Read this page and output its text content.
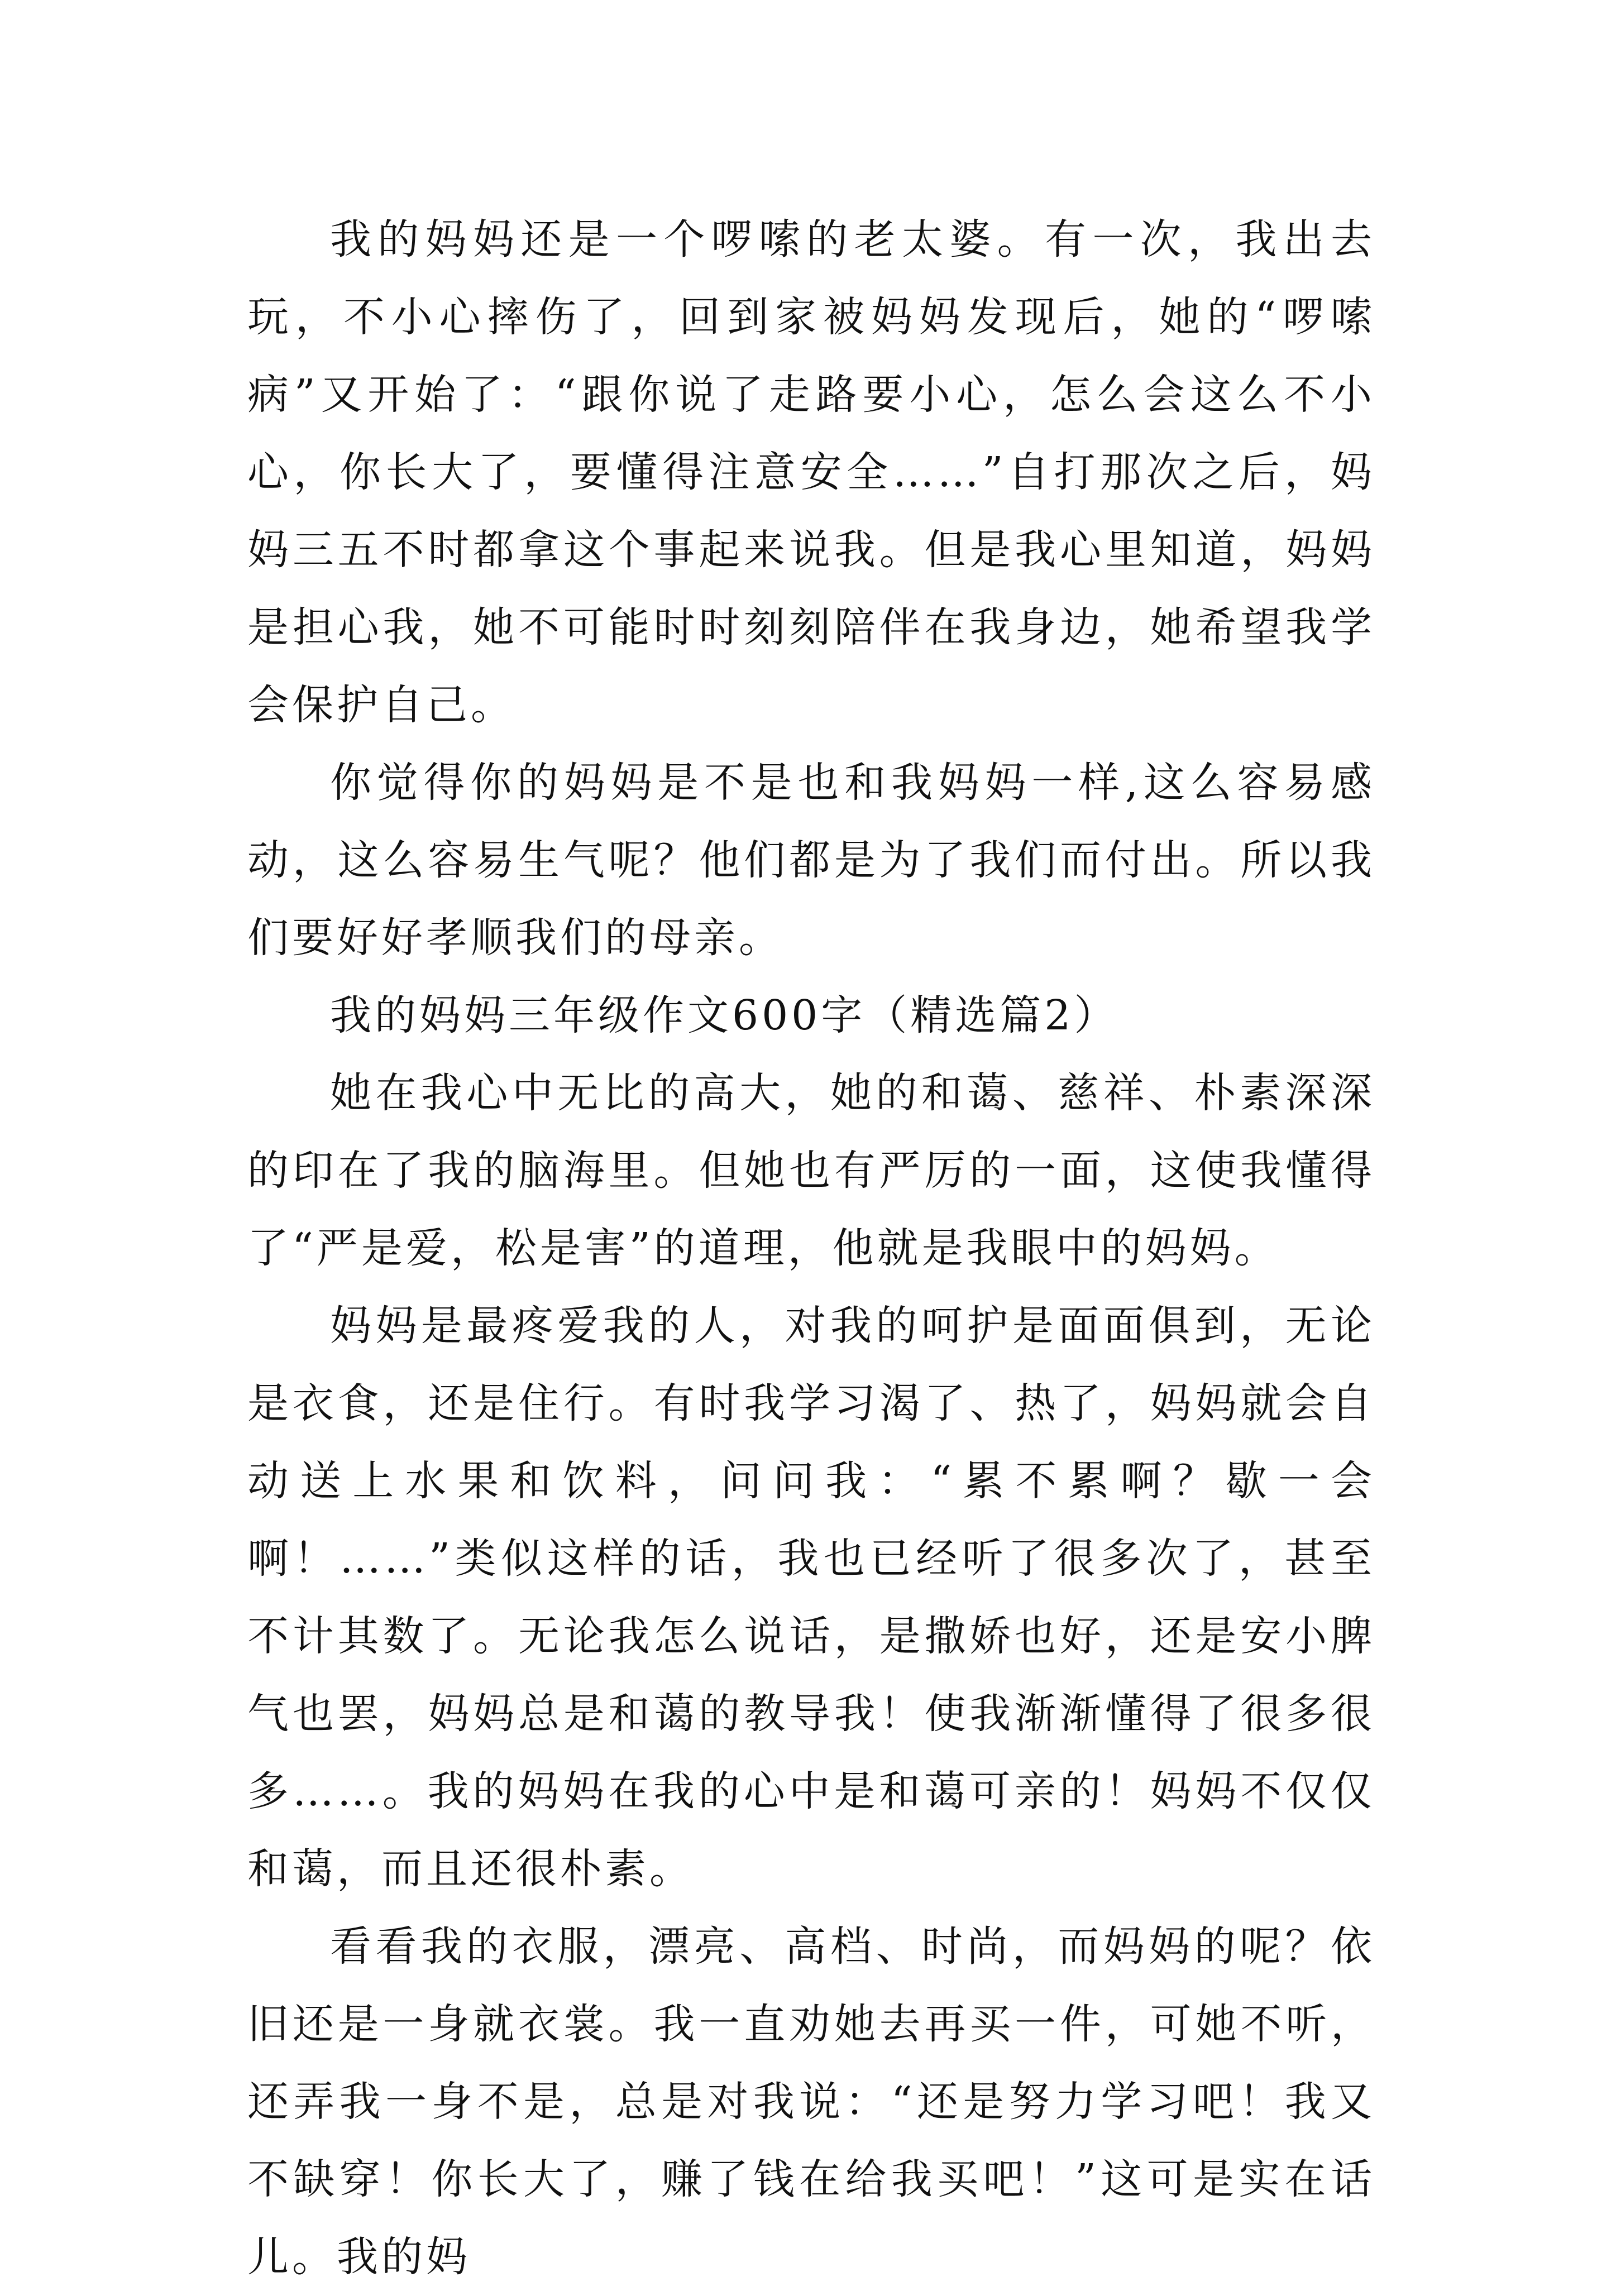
我的妈妈还是一个啰嗦的老太婆。有一次，我出去玩，不小心摔伤了，回到家被妈妈发现后，她的“啰嗦病”又开始了：“跟你说了走路要小心，怎么会这么不小心，你长大了，要懂得注意安全……”自打那次之后，妈妈三五不时都拿这个事起来说我。但是我心里知道，妈妈是担心我，她不可能时时刻刻陪伴在我身边，她希望我学会保护自己。

你觉得你的妈妈是不是也和我妈妈一样,这么容易感动，这么容易生气呢？他们都是为了我们而付出。所以我们要好好孝顺我们的母亲。

我的妈妈三年级作文600字（精选篇2）

她在我心中无比的高大，她的和蔼、慈祥、朴素深深的印在了我的脑海里。但她也有严厉的一面，这使我懂得了“严是爱，松是害”的道理，他就是我眼中的妈妈。

妈妈是最疼爱我的人，对我的呵护是面面俱到，无论是衣食，还是住行。有时我学习渴了、热了，妈妈就会自动送上水果和饮料，问问我：“累不累啊？歇一会啊！……”类似这样的话，我也已经听了很多次了，甚至不计其数了。无论我怎么说话，是撒娇也好，还是安小脾气也罢，妈妈总是和蔼的教导我！使我渐渐懂得了很多很多……。我的妈妈在我的心中是和蔼可亲的！妈妈不仅仅和蔼，而且还很朴素。

看看我的衣服，漂亮、高档、时尚，而妈妈的呢？依旧还是一身就衣裳。我一直劝她去再买一件，可她不听，还弄我一身不是，总是对我说：“还是努力学习吧！我又不缺穿！你长大了，赚了钱在给我买吧！”这可是实在话儿。我的妈
